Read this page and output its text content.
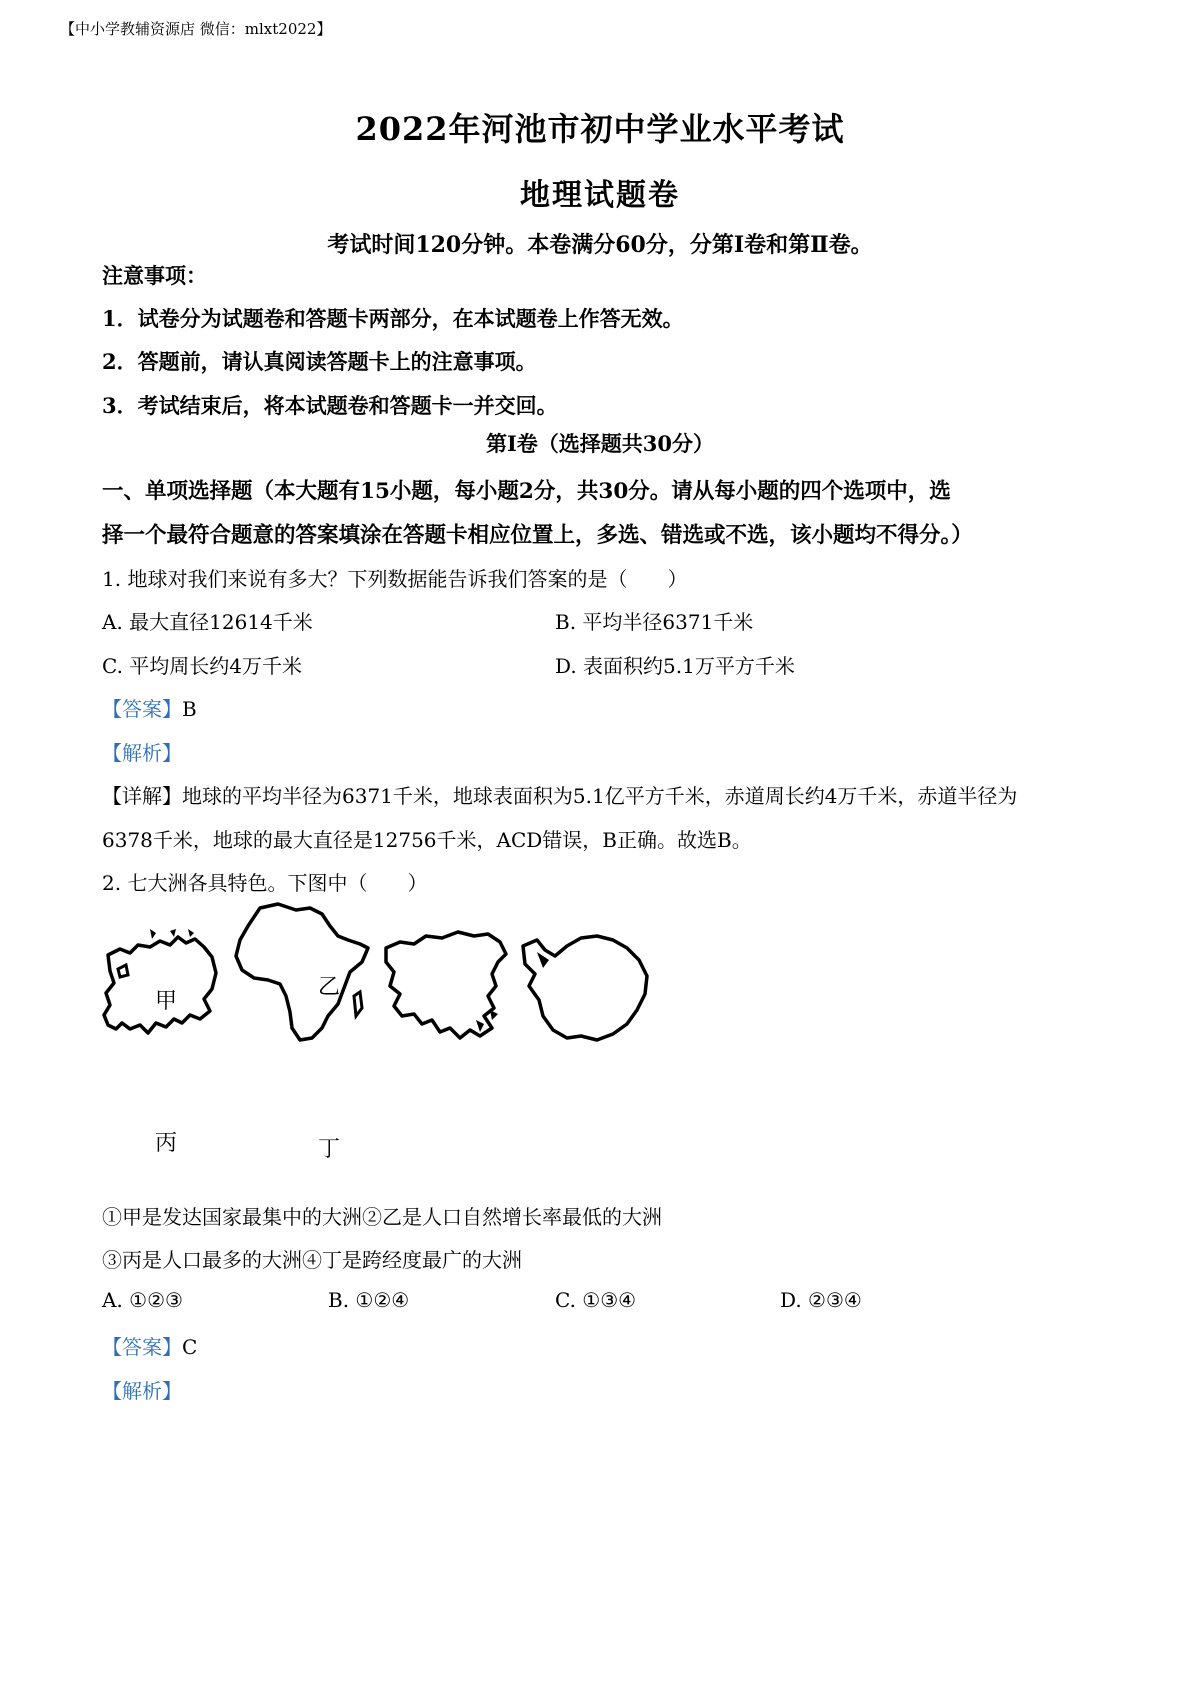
【中小学教辅资源店 微信：mlxt2022】
2022年河池市初中学业水平考试
地理试题卷
考试时间120分钟。本卷满分60分，分第Ⅰ卷和第Ⅱ卷。
注意事项：
1．试卷分为试题卷和答题卡两部分，在本试题卷上作答无效。
2．答题前，请认真阅读答题卡上的注意事项。
3．考试结束后，将本试题卷和答题卡一并交回。
第Ⅰ卷（选择题共30分）
一、单项选择题（本大题有15小题，每小题2分，共30分。请从每小题的四个选项中，选
择一个最符合题意的答案填涂在答题卡相应位置上，多选、错选或不选，该小题均不得分。）
1. 地球对我们来说有多大？下列数据能告诉我们答案的是（　　）
A. 最大直径12614千米	B. 平均半径6371千米
C. 平均周长约4万千米	D. 表面积约5.1万平方千米
【答案】B
【解析】
【详解】地球的平均半径为6371千米，地球表面积为5.1亿平方千米，赤道周长约4万千米，赤道半径为
6378千米，地球的最大直径是12756千米，ACD错误，B正确。故选B。
2. 七大洲各具特色。下图中（　　）

甲

乙

丙	丁
①甲是发达国家最集中的大洲②乙是人口自然增长率最低的大洲
③丙是人口最多的大洲④丁是跨经度最广的大洲
A. ①②③	B. ①②④	C. ①③④	D. ②③④
【答案】C
【解析】
